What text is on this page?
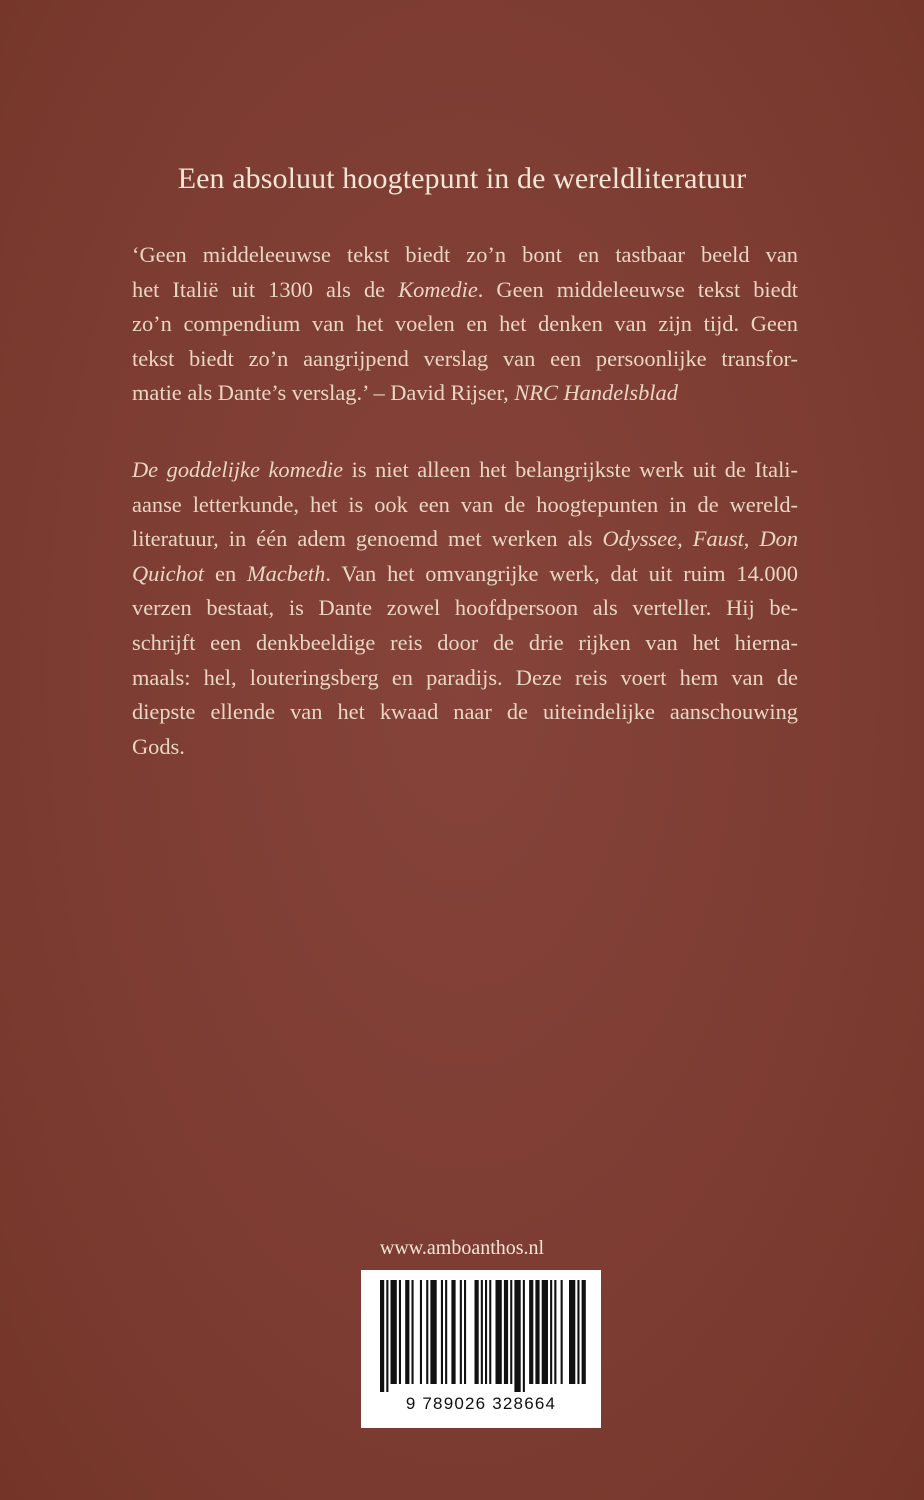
Een absoluut hoogtepunt in de wereldliteratuur
‘Geen middeleeuwse tekst biedt zo’n bont en tastbaar beeld van
het Italië uit 1300 als de Komedie. Geen middeleeuwse tekst biedt
zo’n compendium van het voelen en het denken van zijn tijd. Geen
tekst biedt zo’n aangrijpend verslag van een persoonlijke transfor-
matie als Dante’s verslag.’ – David Rijser, NRC Handelsblad
De goddelijke komedie is niet alleen het belangrijkste werk uit de Itali-
aanse letterkunde, het is ook een van de hoogtepunten in de wereld-
literatuur, in één adem genoemd met werken als Odyssee, Faust, Don
Quichot en Macbeth. Van het omvangrijke werk, dat uit ruim 14.000
verzen bestaat, is Dante zowel hoofdpersoon als verteller. Hij be-
schrijft een denkbeeldige reis door de drie rijken van het hierna-
maals: hel, louteringsberg en paradijs. Deze reis voert hem van de
diepste ellende van het kwaad naar de uiteindelijke aanschouwing
Gods.
www.amboanthos.nl
9 789026 328664
